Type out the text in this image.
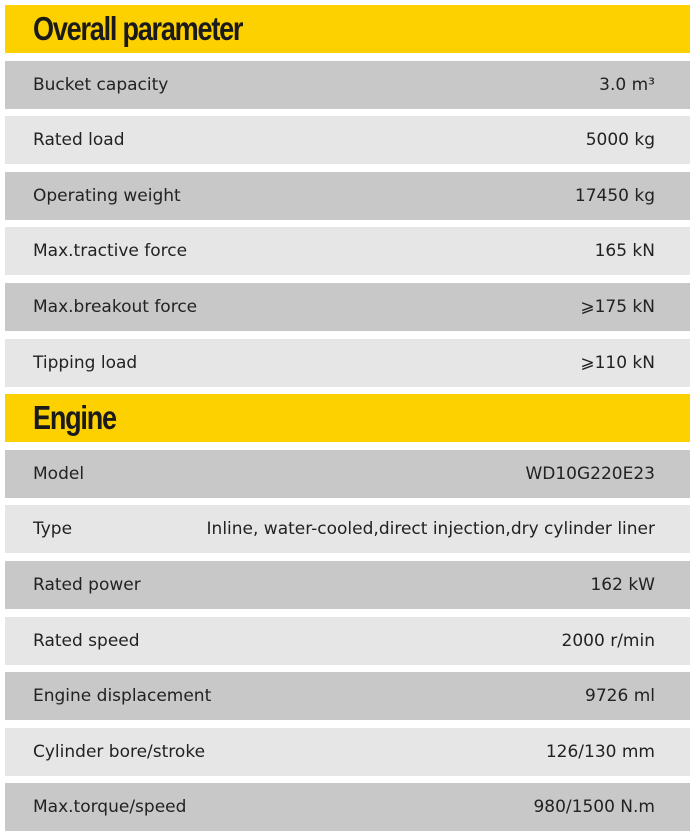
Overall parameter
Bucket capacity	3.0 m³
Rated load	5000 kg
Operating weight	17450 kg
Max.tractive force	165 kN
Max.breakout force	⩾175 kN
Tipping load	⩾110 kN
Engine
Model	WD10G220E23
Type	Inline, water-cooled,direct injection,dry cylinder liner
Rated power	162 kW
Rated speed	2000 r/min
Engine displacement	9726 ml
Cylinder bore/stroke	126/130 mm
Max.torque/speed	980/1500 N.m
